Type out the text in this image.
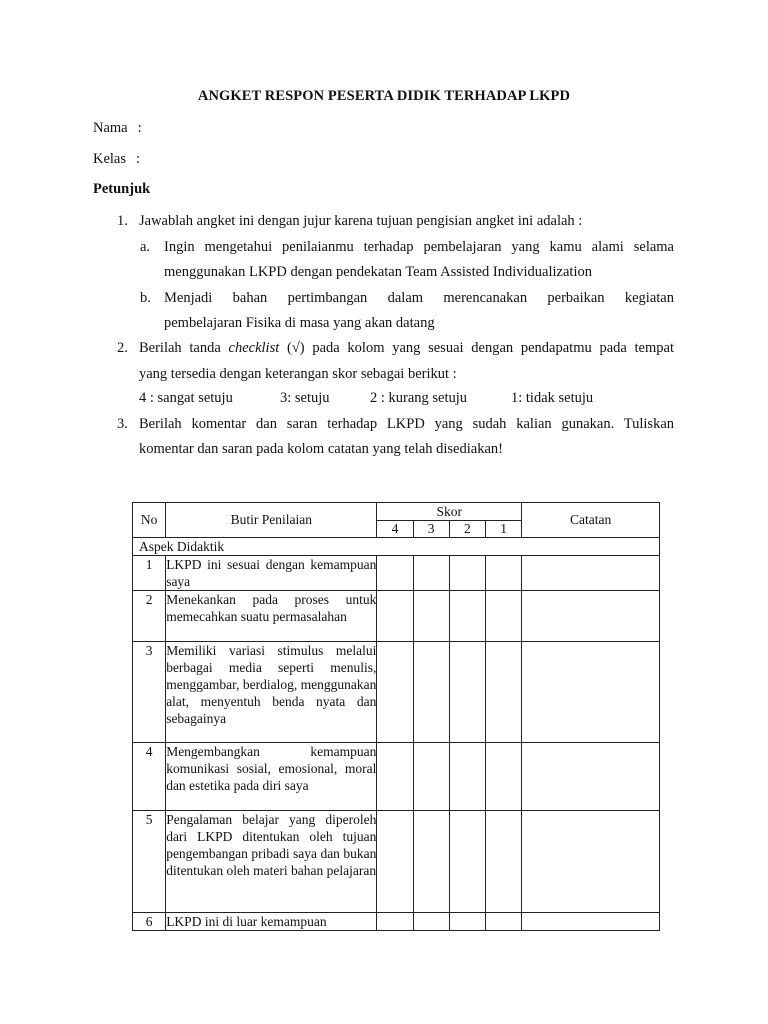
ANGKET RESPON PESERTA DIDIK TERHADAP LKPD
Nama :
Kelas :
Petunjuk
1. Jawablah angket ini dengan jujur karena tujuan pengisian angket ini adalah :
a. Ingin mengetahui penilaianmu terhadap pembelajaran yang kamu alami selama
menggunakan LKPD dengan pendekatan Team Assisted Individualization
b. Menjadi bahan pertimbangan dalam merencanakan perbaikan kegiatan
pembelajaran Fisika di masa yang akan datang
2. Berilah tanda checklist (√) pada kolom yang sesuai dengan pendapatmu pada tempat
yang tersedia dengan keterangan skor sebagai berikut :
4 : sangat setuju	3: setuju	2 : kurang setuju	1: tidak setuju
3. Berilah komentar dan saran terhadap LKPD yang sudah kalian gunakan. Tuliskan
komentar dan saran pada kolom catatan yang telah disediakan!
No	Butir Penilaian	Skor				Catatan
		4	3	2	1	
Aspek Didaktik						
1	LKPD ini sesuai dengan kemampuan saya					
2	Menekankan pada proses untuk memecahkan suatu permasalahan					
3	Memiliki variasi stimulus melalui berbagai media seperti menulis, menggambar, berdialog, menggunakan alat, menyentuh benda nyata dan sebagainya					
4	Mengembangkan kemampuan komunikasi sosial, emosional, moral dan estetika pada diri saya					
5	Pengalaman belajar yang diperoleh dari LKPD ditentukan oleh tujuan pengembangan pribadi saya dan bukan ditentukan oleh materi bahan pelajaran					
6	LKPD ini di luar kemampuan					
